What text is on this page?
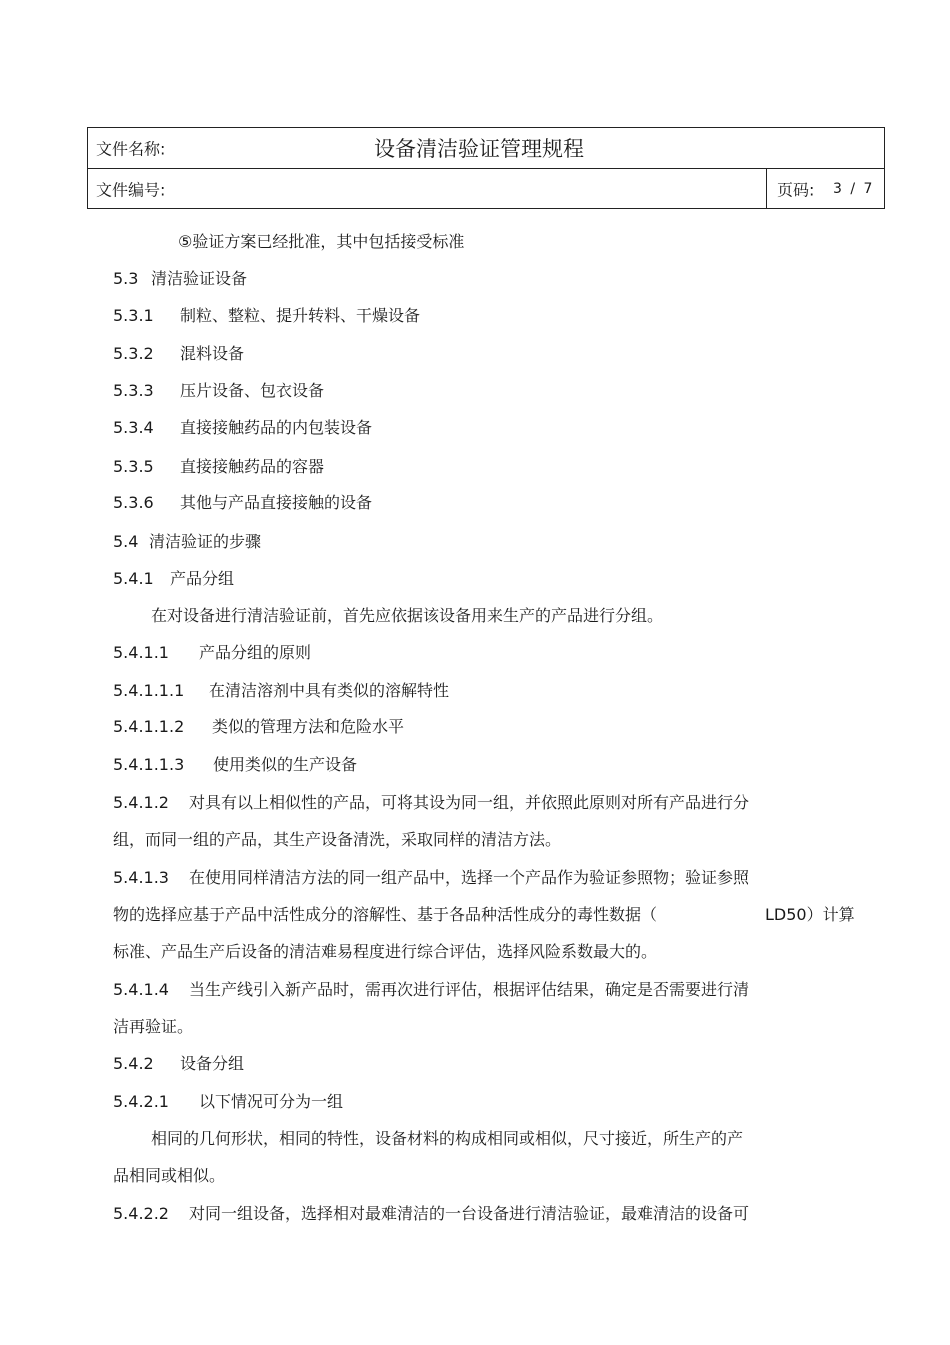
文件名称:	设备清洁验证管理规程
文件编号:	页码: 3 / 7
⑤验证方案已经批准，其中包括接受标准
5.3 清洁验证设备
5.3.1 制粒、整粒、提升转料、干燥设备
5.3.2 混料设备
5.3.3 压片设备、包衣设备
5.3.4 直接接触药品的内包装设备
5.3.5 直接接触药品的容器
5.3.6 其他与产品直接接触的设备
5.4 清洁验证的步骤
5.4.1 产品分组
在对设备进行清洁验证前，首先应依据该设备用来生产的产品进行分组。
5.4.1.1 产品分组的原则
5.4.1.1.1 在清洁溶剂中具有类似的溶解特性
5.4.1.1.2 类似的管理方法和危险水平
5.4.1.1.3 使用类似的生产设备
5.4.1.2 对具有以上相似性的产品，可将其设为同一组，并依照此原则对所有产品进行分
组，而同一组的产品，其生产设备清洗，采取同样的清洁方法。
5.4.1.3 在使用同样清洁方法的同一组产品中，选择一个产品作为验证参照物；验证参照
物的选择应基于产品中活性成分的溶解性、基于各品种活性成分的毒性数据（	LD50）计算
标准、产品生产后设备的清洁难易程度进行综合评估，选择风险系数最大的。
5.4.1.4 当生产线引入新产品时，需再次进行评估，根据评估结果，确定是否需要进行清
洁再验证。
5.4.2 设备分组
5.4.2.1 以下情况可分为一组
相同的几何形状，相同的特性，设备材料的构成相同或相似，尺寸接近，所生产的产
品相同或相似。
5.4.2.2 对同一组设备，选择相对最难清洁的一台设备进行清洁验证，最难清洁的设备可
